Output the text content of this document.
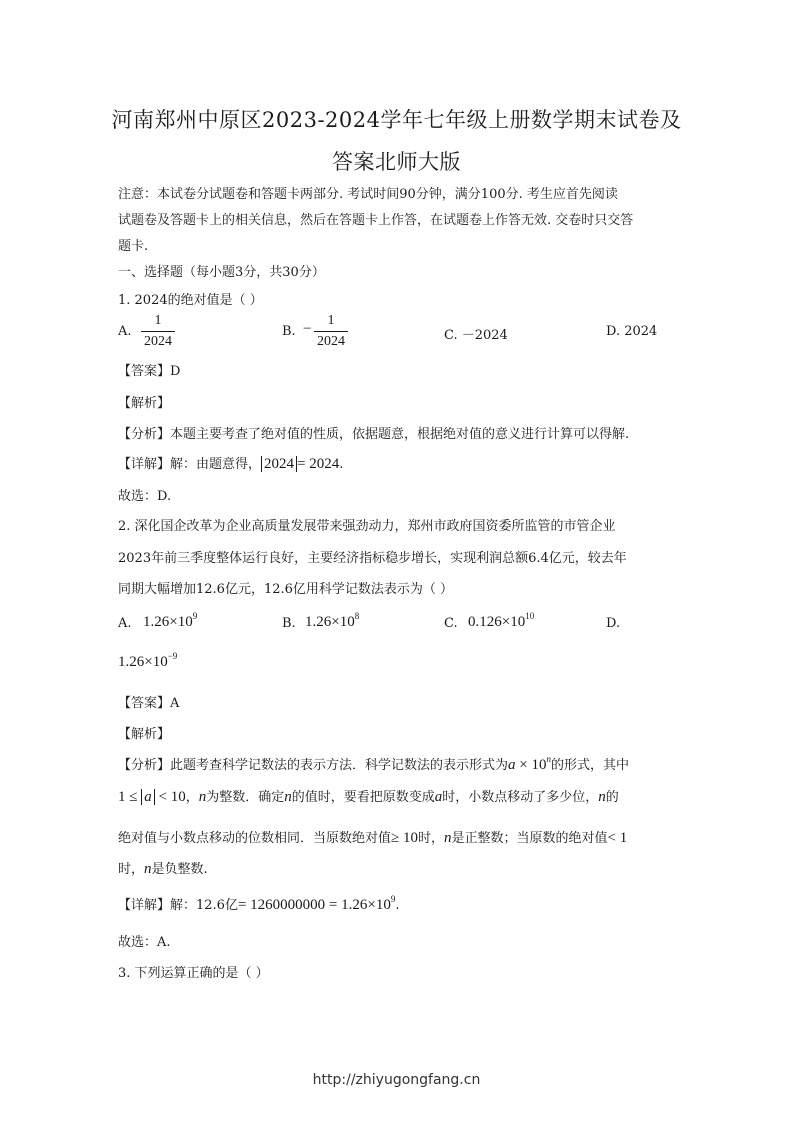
河南郑州中原区2023-2024学年七年级上册数学期末试卷及
答案北师大版
注意：本试卷分试题卷和答题卡两部分. 考试时间90分钟，满分100分. 考生应首先阅读
试题卷及答题卡上的相关信息，然后在答题卡上作答，在试题卷上作答无效. 交卷时只交答
题卡.
一、选择题（每小题3分，共30分）
1. 2024的绝对值是（ ）
A.
1
2024
B. −
1
2024	C. －2024	D. 2024
【答案】D
【解析】
【分析】本题主要考查了绝对值的性质，依据题意，根据绝对值的意义进行计算可以得解.
【详解】解：由题意得， 2024 = 2024.
故选：D.
2. 深化国企改革为企业高质量发展带来强劲动力，郑州市政府国资委所监管的市管企业
2023年前三季度整体运行良好，主要经济指标稳步增长，实现利润总额6.4亿元，较去年
同期大幅增加12.6亿元，12.6亿用科学记数法表示为（ ）
A. $1.26\times 10^9$	B. $1.26\times 10^8$	C. $0.126\times 10^{10}$	D.
$1.26\times 10^{-9}$
【答案】A
【解析】
【分析】此题考查科学记数法的表示方法．科学记数法的表示形式为$a \times 10^n$的形式，其中
1 ≤ a < 10，n为整数．确定n的值时，要看把原数变成a时，小数点移动了多少位，n的
绝对值与小数点移动的位数相同．当原数绝对值≥ 10时，n是正整数；当原数的绝对值< 1
时，n是负整数.
【详解】解：12.6亿= $1260000000 = 1.26\times 10^9$.
故选：A.
3. 下列运算正确的是（ ）
http://zhiyugongfang.cn
